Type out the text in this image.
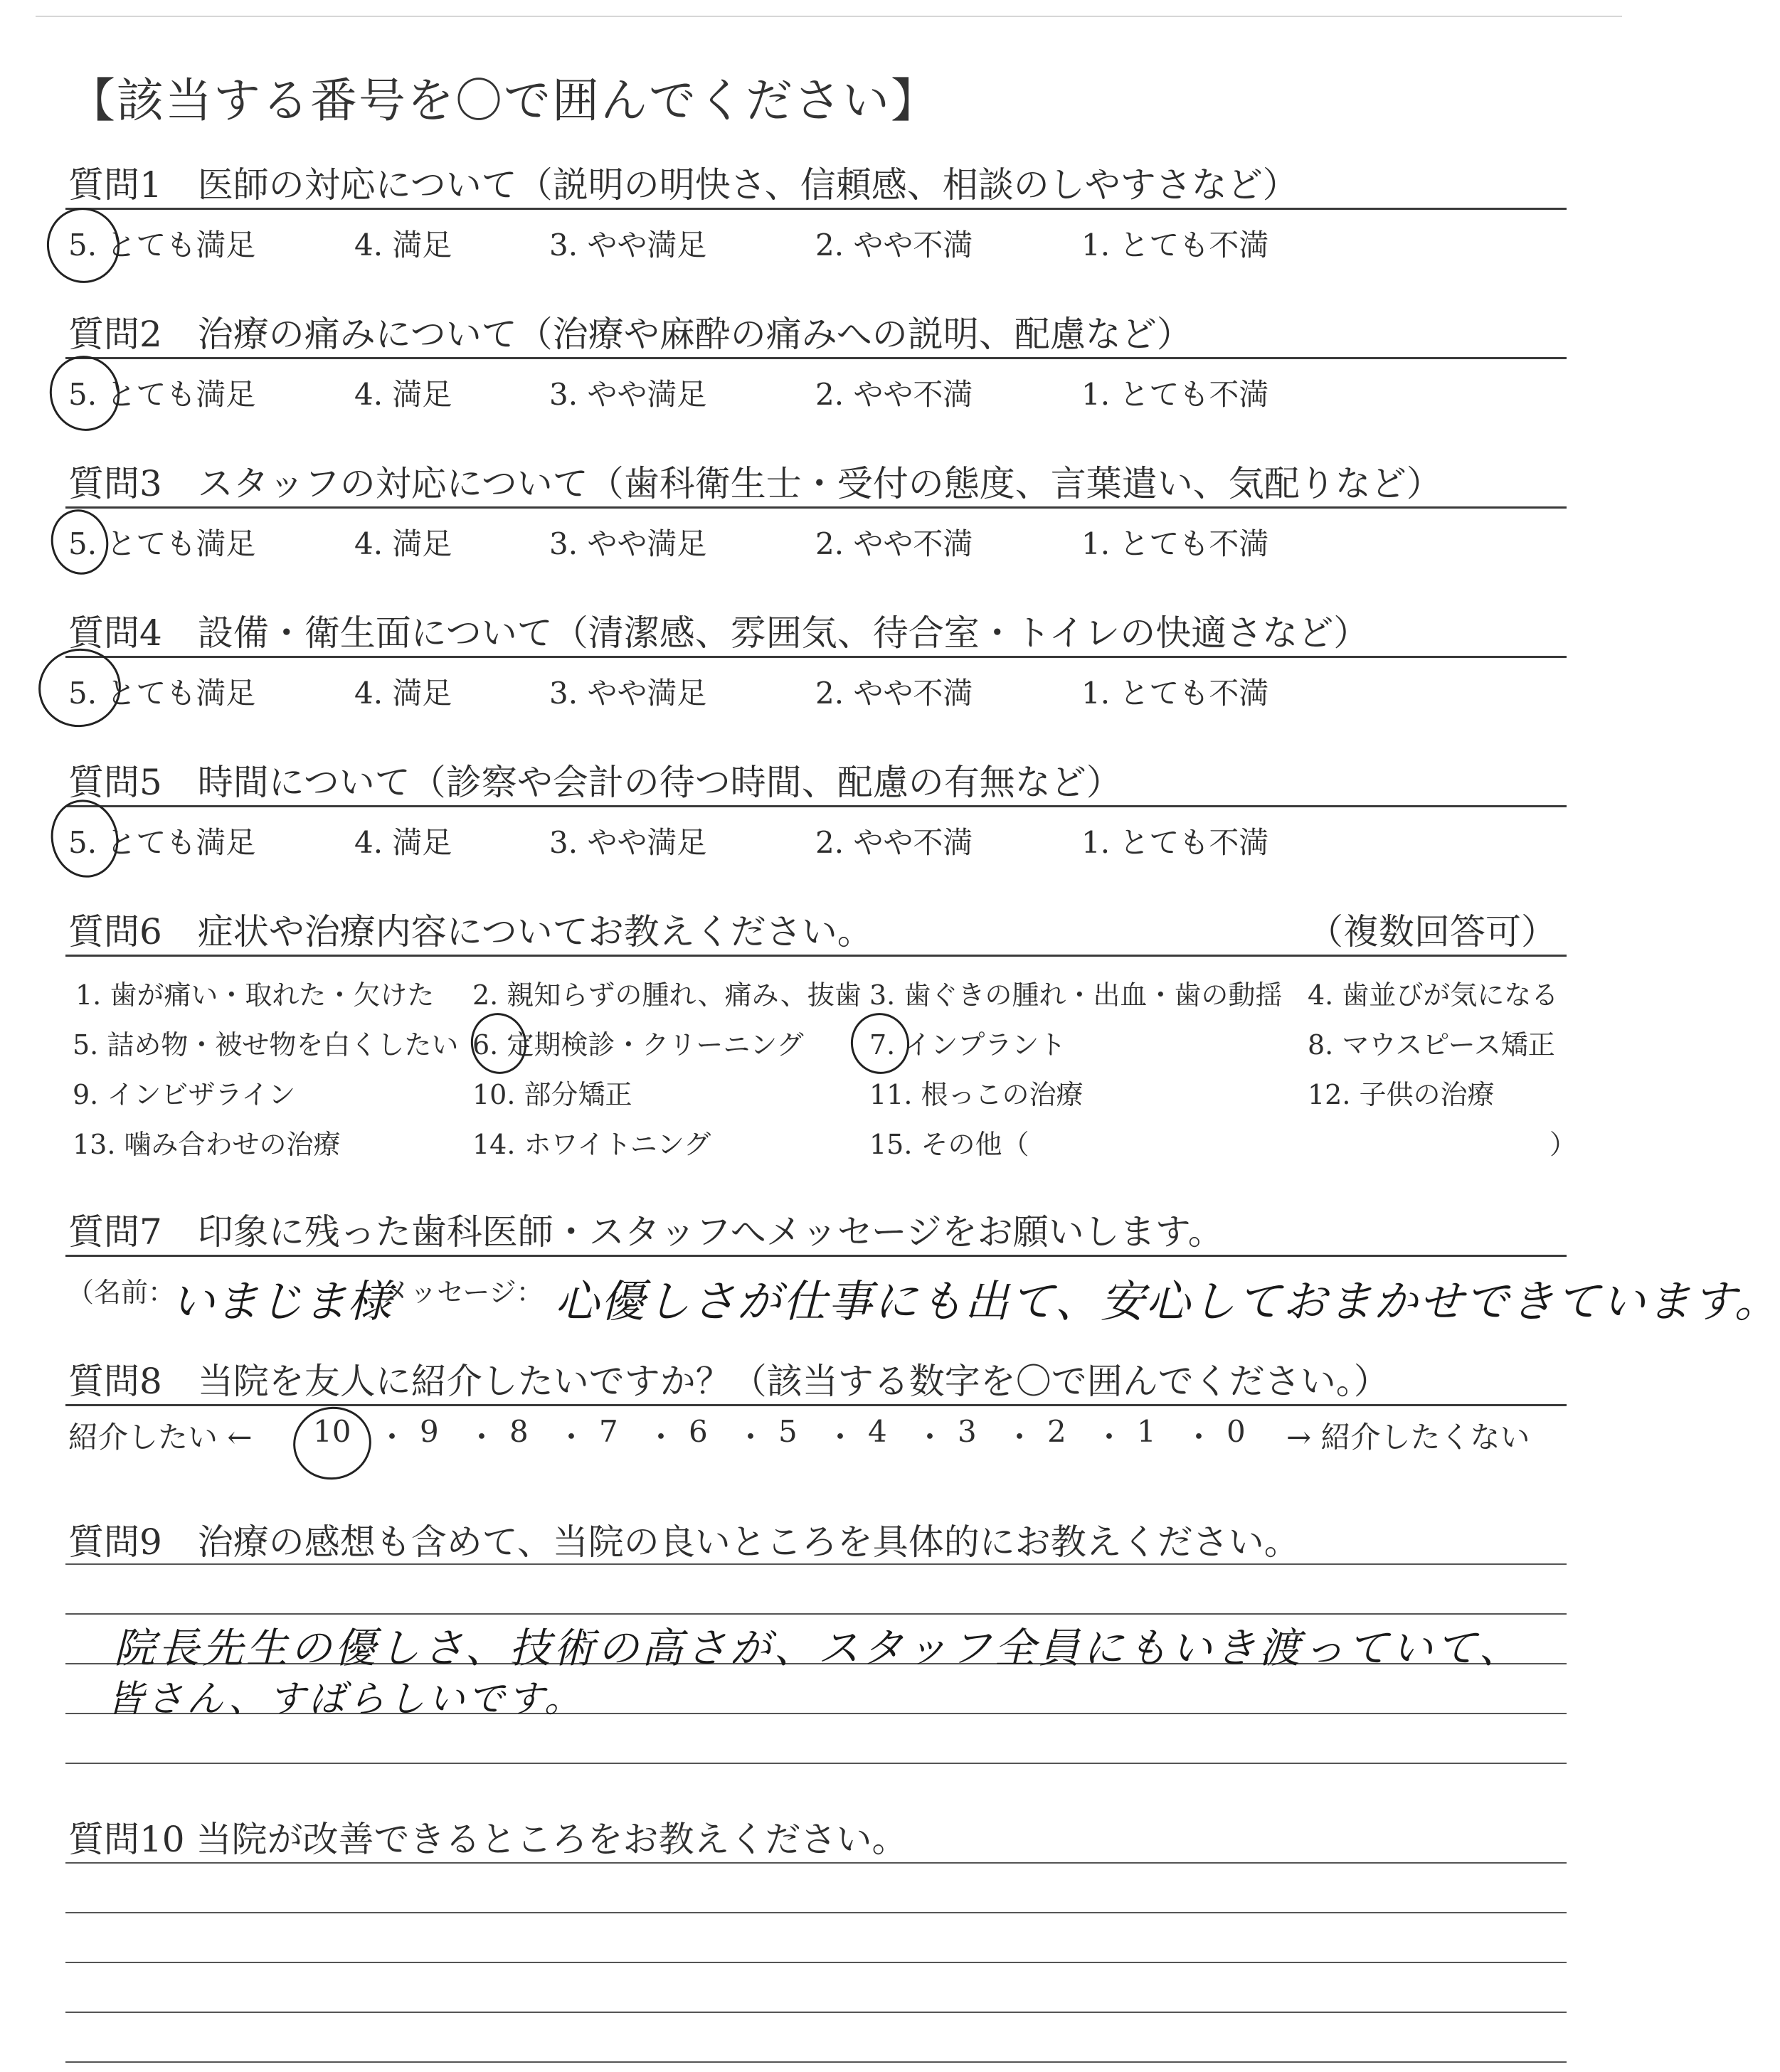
【該当する番号を〇で囲んでください】
質問1　医師の対応について（説明の明快さ、信頼感、相談のしやすさなど）
5. とても満足	4. 満足	3. やや満足	2. やや不満	1. とても不満
質問2　治療の痛みについて（治療や麻酔の痛みへの説明、配慮など）
5. とても満足	4. 満足	3. やや満足	2. やや不満	1. とても不満
質問3　スタッフの対応について（歯科衛生士・受付の態度、言葉遣い、気配りなど）
5. とても満足	4. 満足	3. やや満足	2. やや不満	1. とても不満
質問4　設備・衛生面について（清潔感、雰囲気、待合室・トイレの快適さなど）
5. とても満足	4. 満足	3. やや満足	2. やや不満	1. とても不満
質問5　時間について（診察や会計の待つ時間、配慮の有無など）
5. とても満足	4. 満足	3. やや満足	2. やや不満	1. とても不満
質問6　症状や治療内容についてお教えください。	（複数回答可）
1. 歯が痛い・取れた・欠けた 2. 親知らずの腫れ、痛み、抜歯 3. 歯ぐきの腫れ・出血・歯の動揺 4. 歯並びが気になる
5. 詰め物・被せ物を白くしたい 6. 定期検診・クリーニング 7. インプラント	8. マウスピース矯正
9. インビザライン	10. 部分矯正	11. 根っこの治療	12. 子供の治療
13. 噛み合わせの治療	14. ホワイトニング	15. その他（	）
質問7　印象に残った歯科医師・スタッフへメッセージをお願いします。
（名前：
いまじま様
メッセージ： 心優しさが仕事にも出て、安心しておまかせできています。
質問8　当院を友人に紹介したいですか？（該当する数字を〇で囲んでください。）
紹介したい ← 10 ・ 9 ・ 8 ・ 7 ・ 6 ・ 5 ・ 4 ・ 3 ・ 2 ・ 1 ・ 0 → 紹介したくない
質問9　治療の感想も含めて、当院の良いところを具体的にお教えください。
院長先生の優しさ、技術の高さが、スタッフ全員にもいき渡っていて、
皆さん、すばらしいです。
質問10 当院が改善できるところをお教えください。
